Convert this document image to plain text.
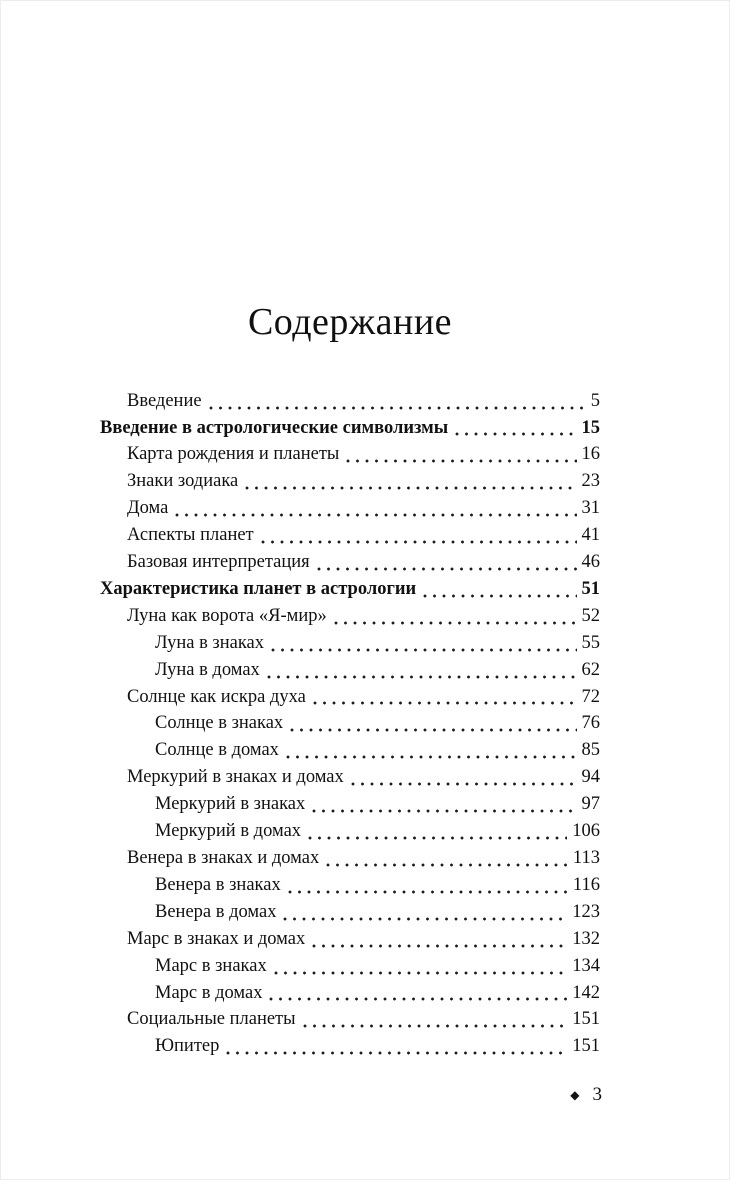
Содержание
Введение	5
Введение в астрологические символизмы	15
Карта рождения и планеты	16
Знаки зодиака	23
Дома	31
Аспекты планет	41
Базовая интерпретация	46
Характеристика планет в астрологии	51
Луна как ворота «Я-мир»	52
Луна в знаках	55
Луна в домах	62
Солнце как искра духа	72
Солнце в знаках	76
Солнце в домах	85
Меркурий в знаках и домах	94
Меркурий в знаках	97
Меркурий в домах	106
Венера в знаках и домах	113
Венера в знаках	116
Венера в домах	123
Марс в знаках и домах	132
Марс в знаках	134
Марс в домах	142
Социальные планеты	151
Юпитер	151
◆ 3
